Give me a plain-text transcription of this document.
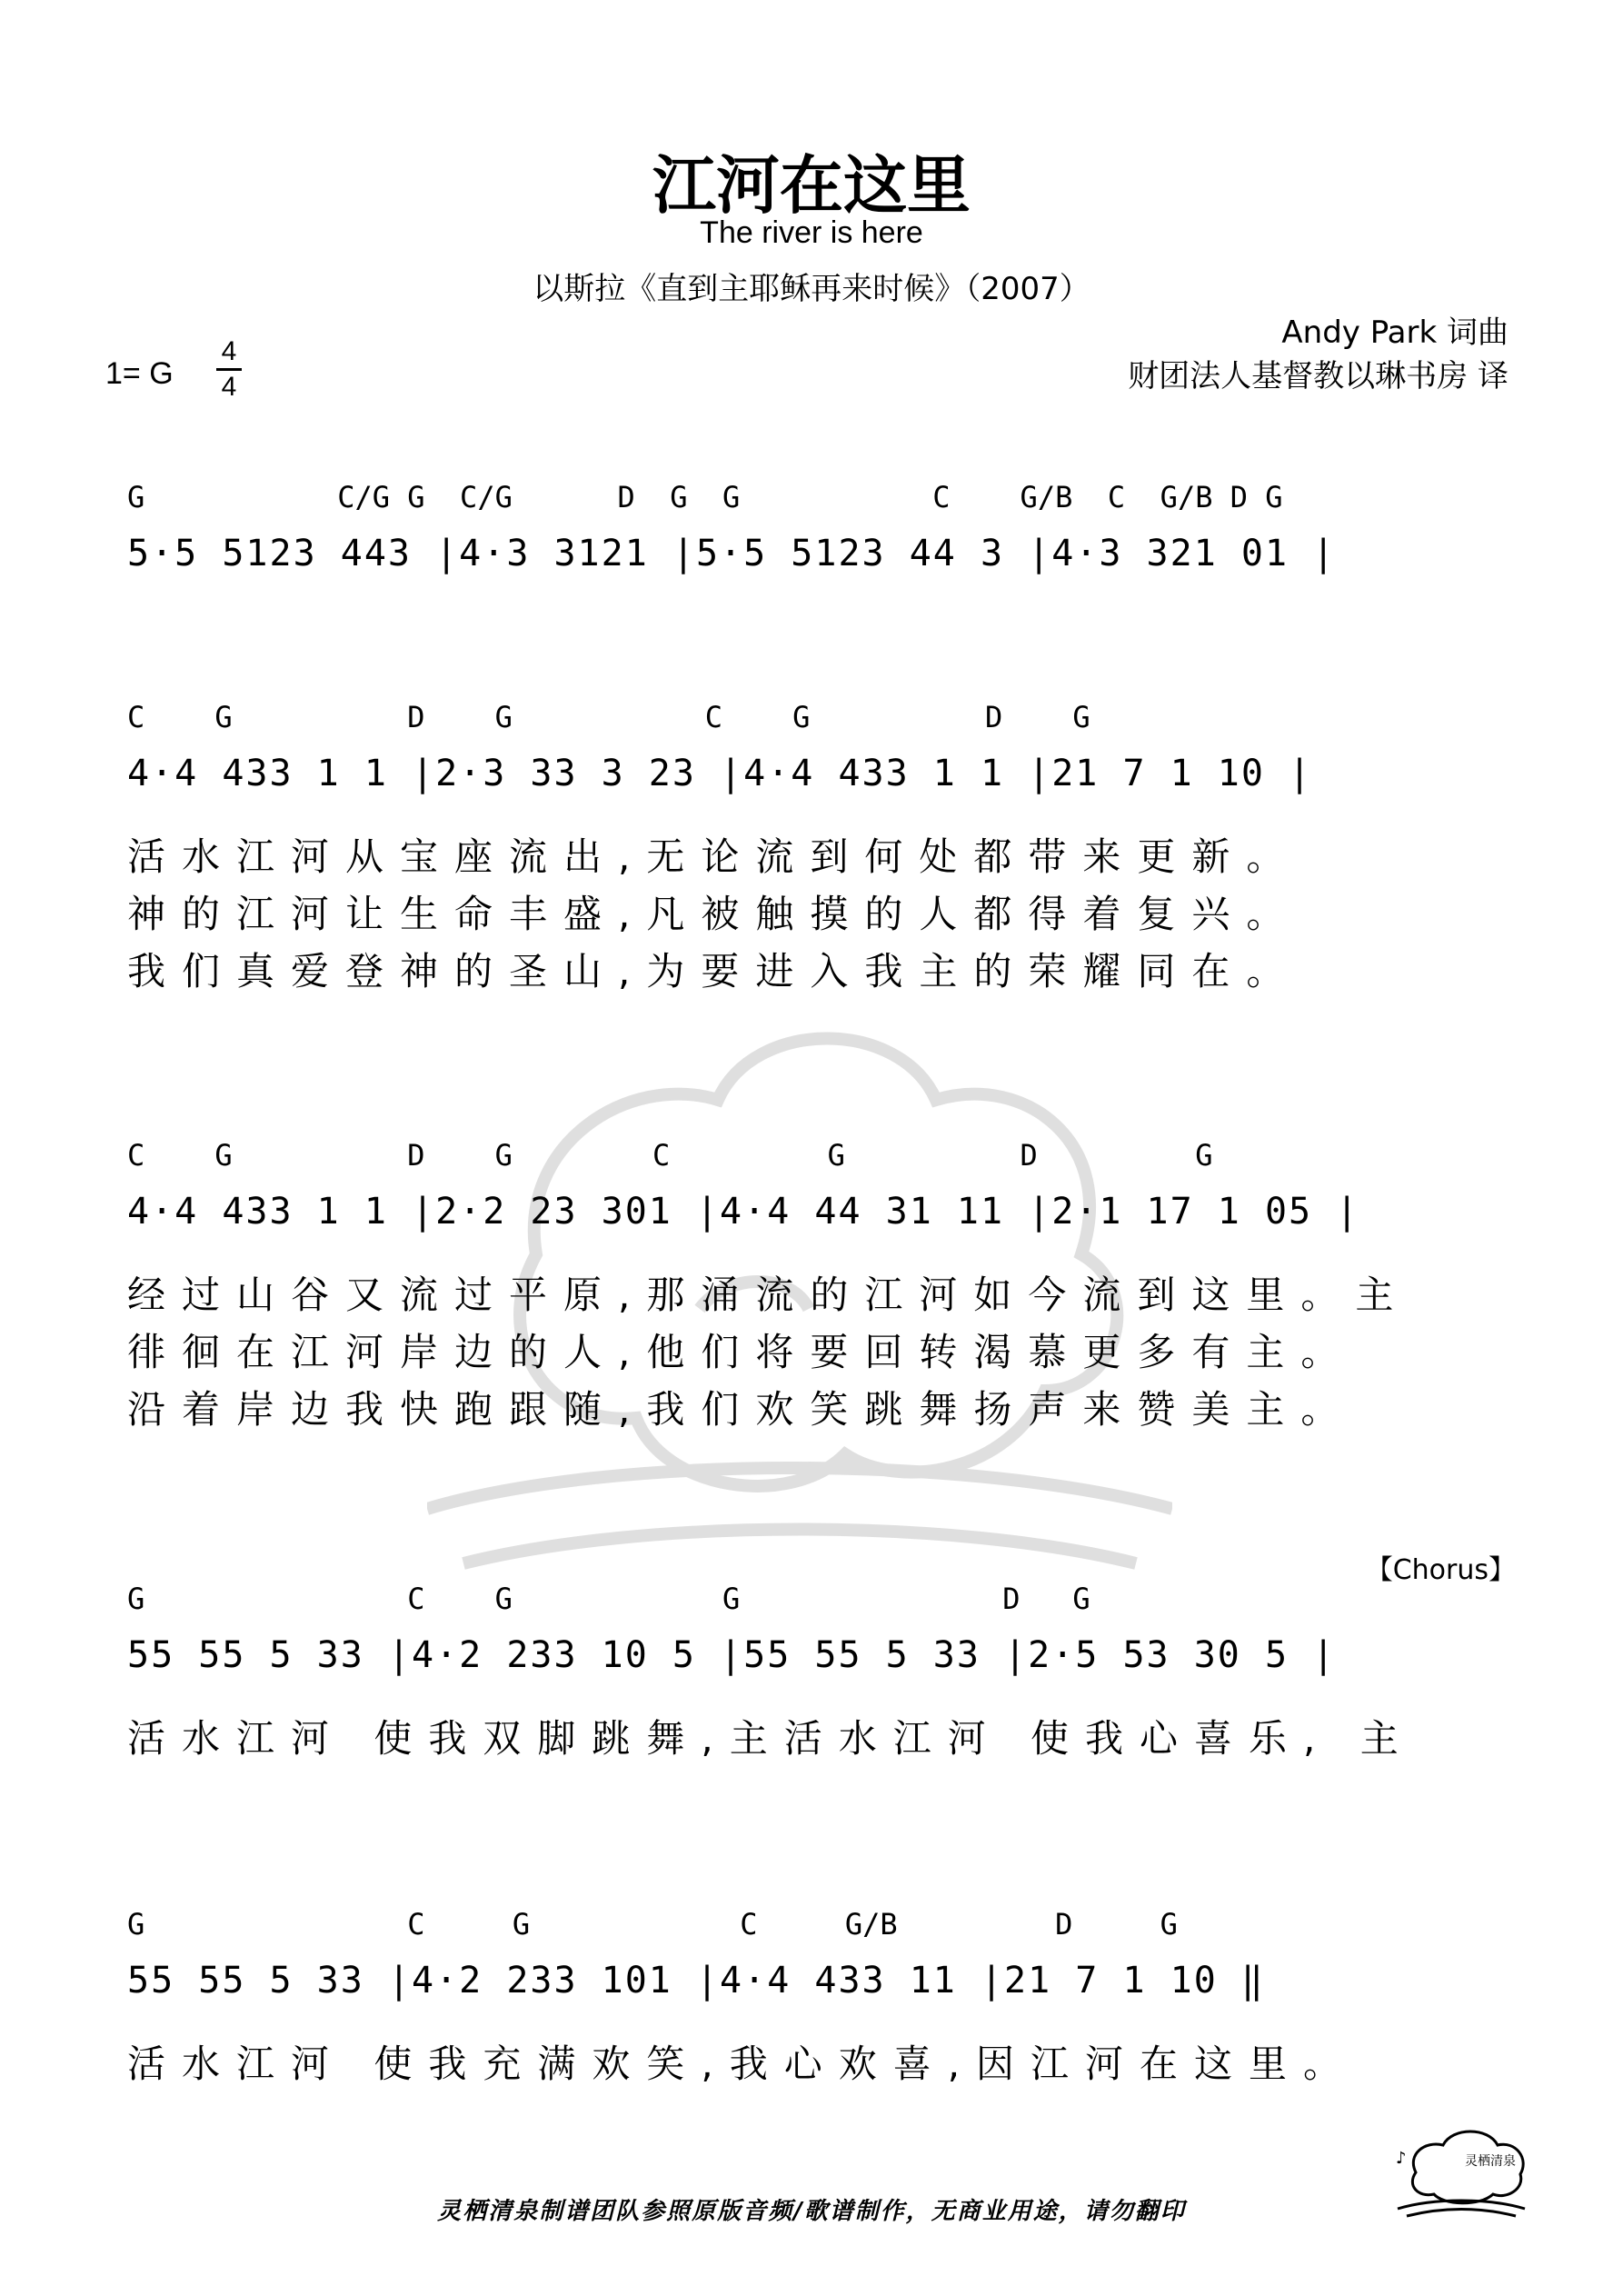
江河在这里
The river is here
以斯拉《直到主耶稣再来时候》（2007）
Andy Park 词曲
财团法人基督教以琳书房 译
1= G
4
4
G           C/G G  C/G      D  G  G           C    G/B  C  G/B D G
5·5 5123 443 |4·3 3121 |5·5 5123 44 3 |4·3 321 01 |
C    G          D    G           C    G          D    G
4·4 433 1 1 |2·3 33 3 23 |4·4 433 1 1 |21 7 1 10 |
活水江河从宝座流出,无论流到何处都带来更新。
神的江河让生命丰盛,凡被触摸的人都得着复兴。
我们真爱登神的圣山,为要进入我主的荣耀同在。
C    G          D    G        C         G          D         G
4·4 433 1 1 |2·2 23 301 |4·4 44 31 11 |2·1 17 1 05 |
经过山谷又流过平原,那涌流的江河如今流到这里。主
徘徊在江河岸边的人,他们将要回转渴慕更多有主。
沿着岸边我快跑跟随,我们欢笑跳舞扬声来赞美主。
【Chorus】
G               C    G            G               D   G
55 55 5 33 |4·2 233 10 5 |55 55 5 33 |2·5 53 30 5 |
活水江河 使我双脚跳舞,主活水江河 使我心喜乐, 主
G               C     G            C     G/B         D     G
55 55 5 33 |4·2 233 101 |4·4 433 11 |21 7 1 10 ‖
活水江河 使我充满欢笑,我心欢喜,因江河在这里。
♪	灵栖清泉
灵栖清泉制谱团队参照原版音频/歌谱制作，无商业用途，请勿翻印
